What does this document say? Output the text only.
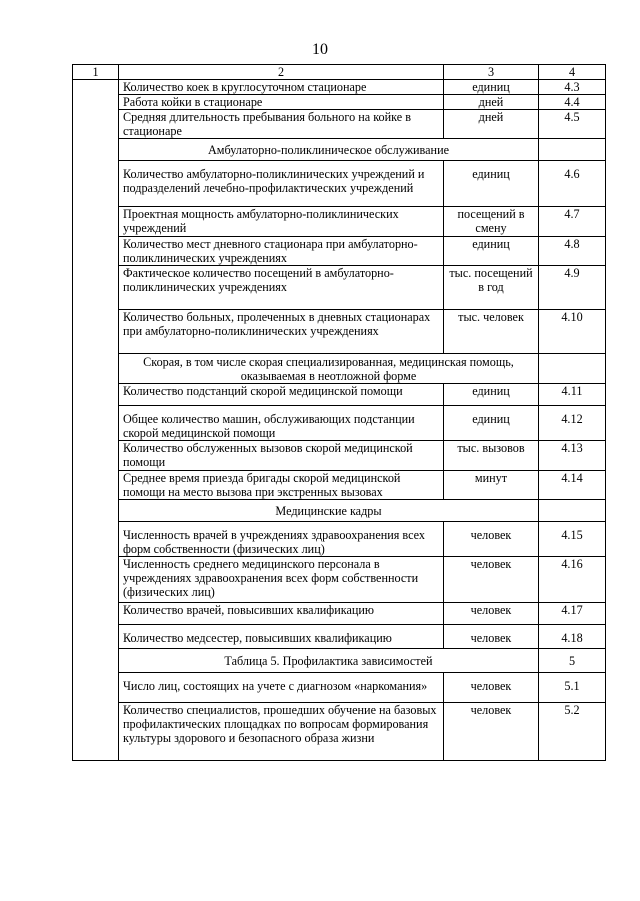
10
1	2	3	4
	Количество коек в круглосуточном стационаре	единиц	4.3
	Работа койки в стационаре	дней	4.4
	Средняя длительность пребывания больного на койке в стационаре	дней	4.5
	Амбулаторно-поликлиническое обслуживание		
	Количество амбулаторно-поликлинических учреждений и подразделений лечебно-профилактических учреждений	единиц	4.6
	Проектная мощность амбулаторно-поликлинических учреждений	посещений в смену	4.7
	Количество мест дневного стационара при амбулаторно-поликлинических учреждениях	единиц	4.8
	Фактическое количество посещений в амбулаторно-поликлинических учреждениях	тыс. посещений в год	4.9
	Количество больных, пролеченных в дневных стационарах при амбулаторно-поликлинических учреждениях	тыс. человек	4.10
	Скорая, в том числе скорая специализированная, медицинская помощь, оказываемая в неотложной форме		
	Количество подстанций скорой медицинской помощи	единиц	4.11
	Общее количество машин, обслуживающих подстанции скорой медицинской помощи	единиц	4.12
	Количество обслуженных вызовов скорой медицинской помощи	тыс. вызовов	4.13
	Среднее время приезда бригады скорой медицинской помощи на место вызова при экстренных вызовах	минут	4.14
	Медицинские кадры		
	Численность врачей в учреждениях здравоохранения всех форм собственности (физических лиц)	человек	4.15
	Численность среднего медицинского персонала в учреждениях здравоохранения всех форм собственности (физических лиц)	человек	4.16
	Количество врачей, повысивших квалификацию	человек	4.17
	Количество медсестер, повысивших квалификацию	человек	4.18
	Таблица 5. Профилактика зависимостей		5
	Число лиц, состоящих на учете с диагнозом «наркомания»	человек	5.1
	Количество специалистов, прошедших обучение на базовых профилактических площадках по вопросам формирования культуры здорового и безопасного образа жизни	человек	5.2
